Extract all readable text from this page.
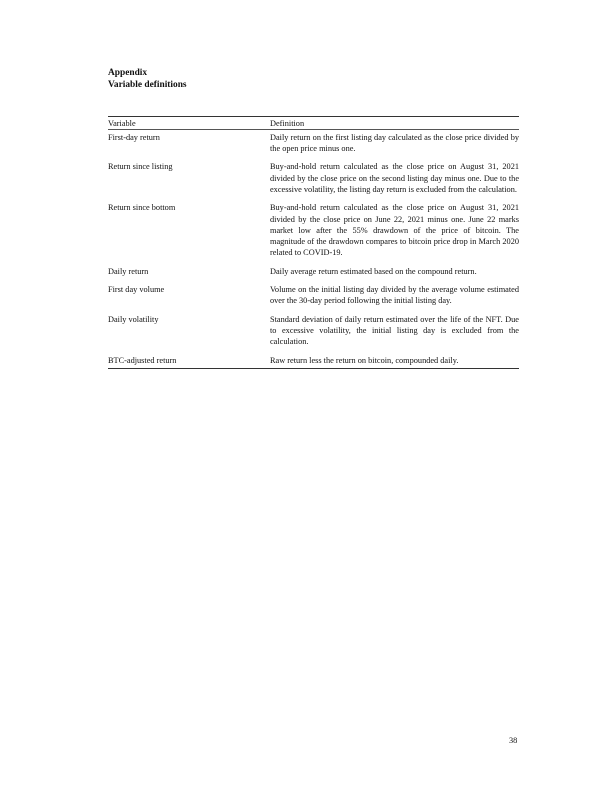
Appendix
Variable definitions
Variable	Definition
First-day return	Daily return on the first listing day calculated as the close price divided by the open price minus one.
Return since listing	Buy-and-hold return calculated as the close price on August 31, 2021 divided by the close price on the second listing day minus one. Due to the excessive volatility, the listing day return is excluded from the calculation.
Return since bottom	Buy-and-hold return calculated as the close price on August 31, 2021 divided by the close price on June 22, 2021 minus one. June 22 marks market low after the 55% drawdown of the price of bitcoin. The magnitude of the drawdown compares to bitcoin price drop in March 2020 related to COVID-19.
Daily return	Daily average return estimated based on the compound return.
First day volume	Volume on the initial listing day divided by the average volume estimated over the 30-day period following the initial listing day.
Daily volatility	Standard deviation of daily return estimated over the life of the NFT. Due to excessive volatility, the initial listing day is excluded from the calculation.
BTC-adjusted return	Raw return less the return on bitcoin, compounded daily.
38
